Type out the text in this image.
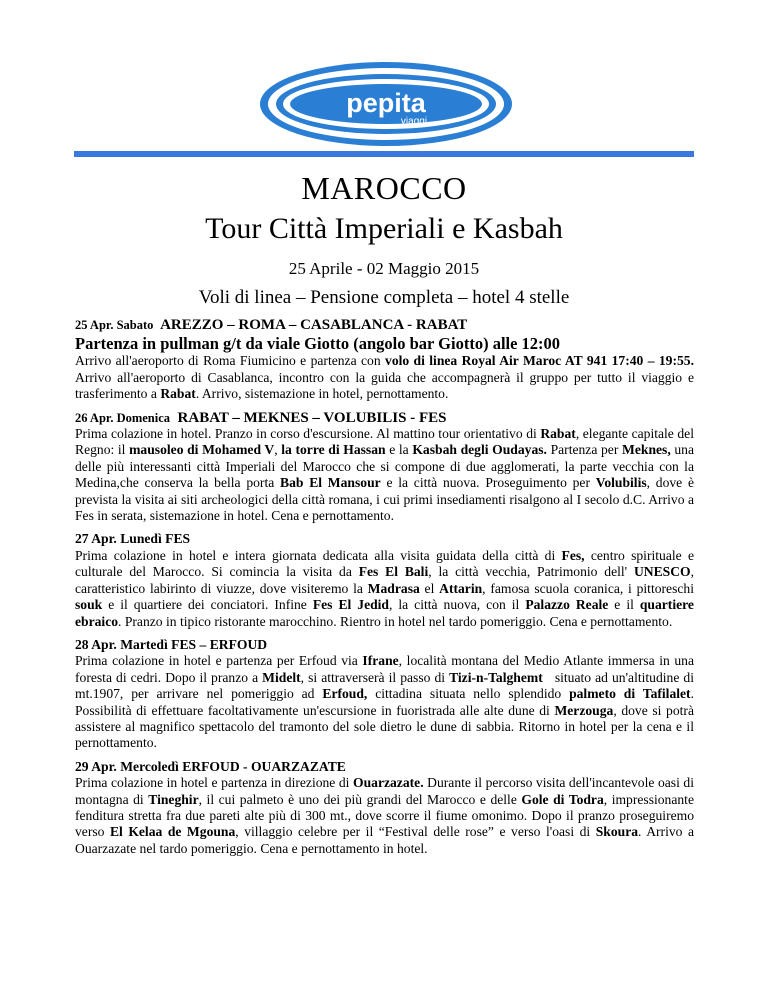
pepita
viaggi
MAROCCO
Tour Città Imperiali e Kasbah
25 Aprile - 02 Maggio 2015
Voli di linea – Pensione completa – hotel 4 stelle
25 Apr. Sabato  AREZZO – ROMA – CASABLANCA - RABAT
Partenza in pullman g/t da viale Giotto (angolo bar Giotto) alle 12:00
Arrivo all'aeroporto di Roma Fiumicino e partenza con volo di linea Royal Air Maroc AT 941 17:40 – 19:55. Arrivo all'aeroporto di Casablanca, incontro con la guida che accompagnerà il gruppo per tutto il viaggio e trasferimento a Rabat. Arrivo, sistemazione in hotel, pernottamento.
26 Apr. Domenica  RABAT – MEKNES – VOLUBILIS - FES
Prima colazione in hotel. Pranzo in corso d'escursione. Al mattino tour orientativo di Rabat, elegante capitale del Regno: il mausoleo di Mohamed V, la torre di Hassan e la Kasbah degli Oudayas. Partenza per Meknes, una delle più interessanti città Imperiali del Marocco che si compone di due agglomerati, la parte vecchia con la Medina,che conserva la bella porta Bab El Mansour e la città nuova. Proseguimento per Volubilis, dove è prevista la visita ai siti archeologici della città romana, i cui primi insediamenti risalgono al I secolo d.C. Arrivo a Fes in serata, sistemazione in hotel. Cena e pernottamento.
27 Apr. Lunedì FES
Prima colazione in hotel e intera giornata dedicata alla visita guidata della città di Fes, centro spirituale e culturale del Marocco. Si comincia la visita da Fes El Bali, la città vecchia, Patrimonio dell' UNESCO, caratteristico labirinto di viuzze, dove visiteremo la Madrasa el Attarin, famosa scuola coranica, i pittoreschi souk e il quartiere dei conciatori. Infine Fes El Jedid, la città nuova, con il Palazzo Reale e il quartiere ebraico. Pranzo in tipico ristorante marocchino. Rientro in hotel nel tardo pomeriggio. Cena e pernottamento.
28 Apr. Martedì FES – ERFOUD
Prima colazione in hotel e partenza per Erfoud via Ifrane, località montana del Medio Atlante immersa in una foresta di cedri. Dopo il pranzo a Midelt, si attraverserà il passo di Tizi-n-Talghemt   situato ad un'altitudine di mt.1907, per arrivare nel pomeriggio ad Erfoud, cittadina situata nello splendido palmeto di Tafilalet. Possibilità di effettuare facoltativamente un'escursione in fuoristrada alle alte dune di Merzouga, dove si potrà assistere al magnifico spettacolo del tramonto del sole dietro le dune di sabbia. Ritorno in hotel per la cena e il pernottamento.
29 Apr. Mercoledì ERFOUD - OUARZAZATE
Prima colazione in hotel e partenza in direzione di Ouarzazate. Durante il percorso visita dell'incantevole oasi di montagna di Tineghir, il cui palmeto è uno dei più grandi del Marocco e delle Gole di Todra, impressionante fenditura stretta fra due pareti alte più di 300 mt., dove scorre il fiume omonimo. Dopo il pranzo proseguiremo verso El Kelaa de Mgouna, villaggio celebre per il “Festival delle rose” e verso l'oasi di Skoura. Arrivo a Ouarzazate nel tardo pomeriggio. Cena e pernottamento in hotel.
